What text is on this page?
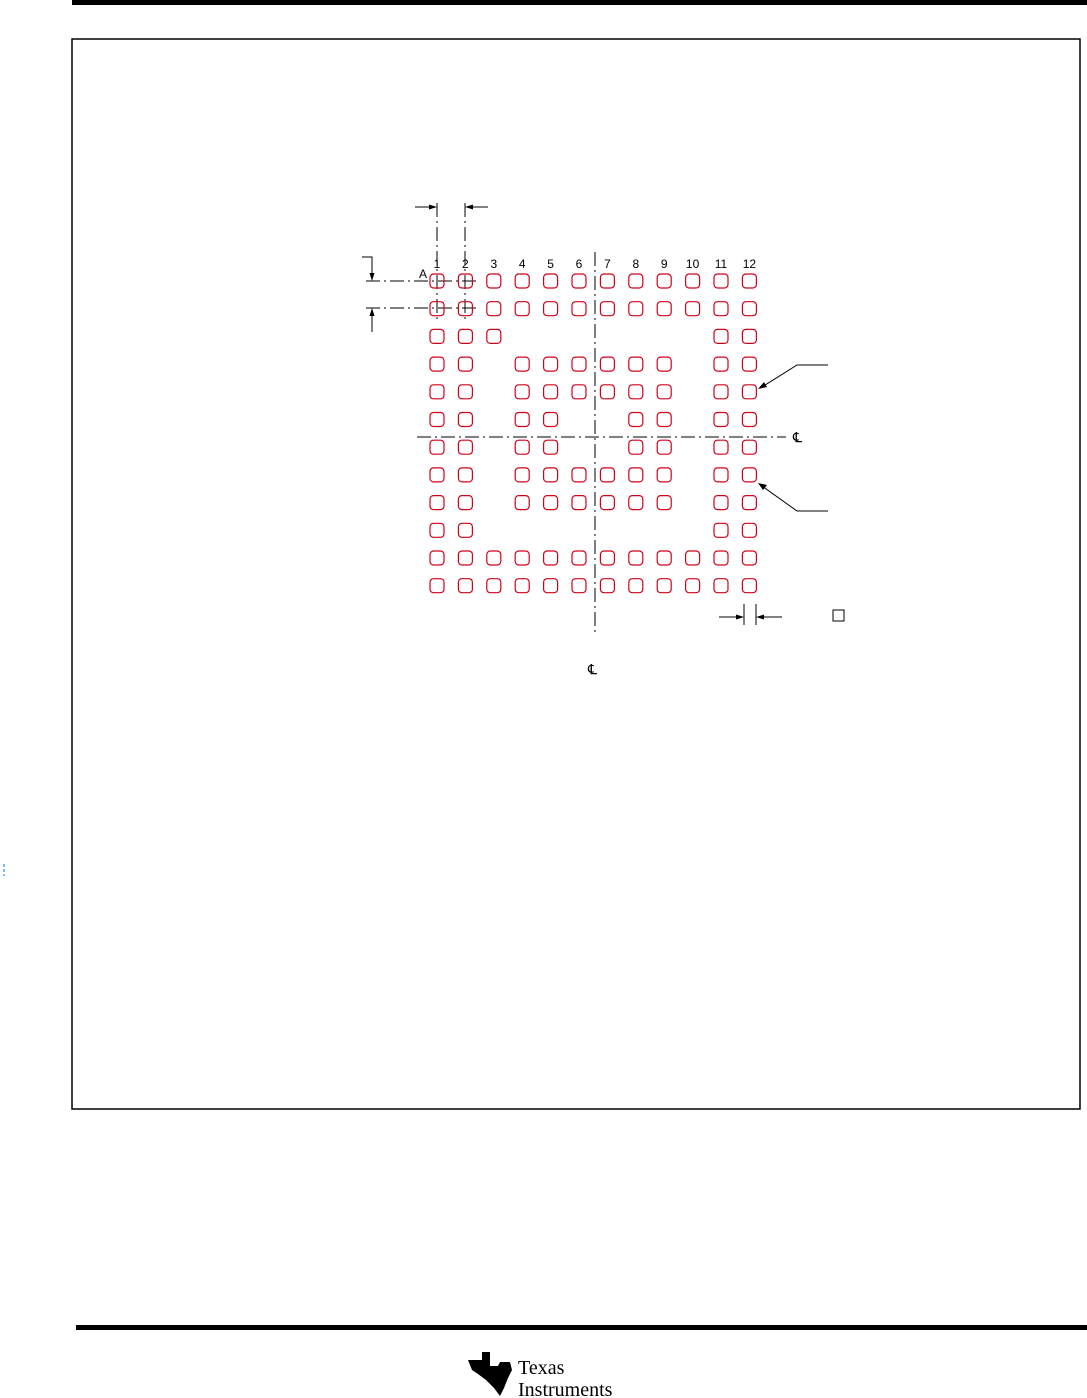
1 2 3 4 5 6 7 8 9 10 11 12
A
℄
℄
Texas
Instruments
